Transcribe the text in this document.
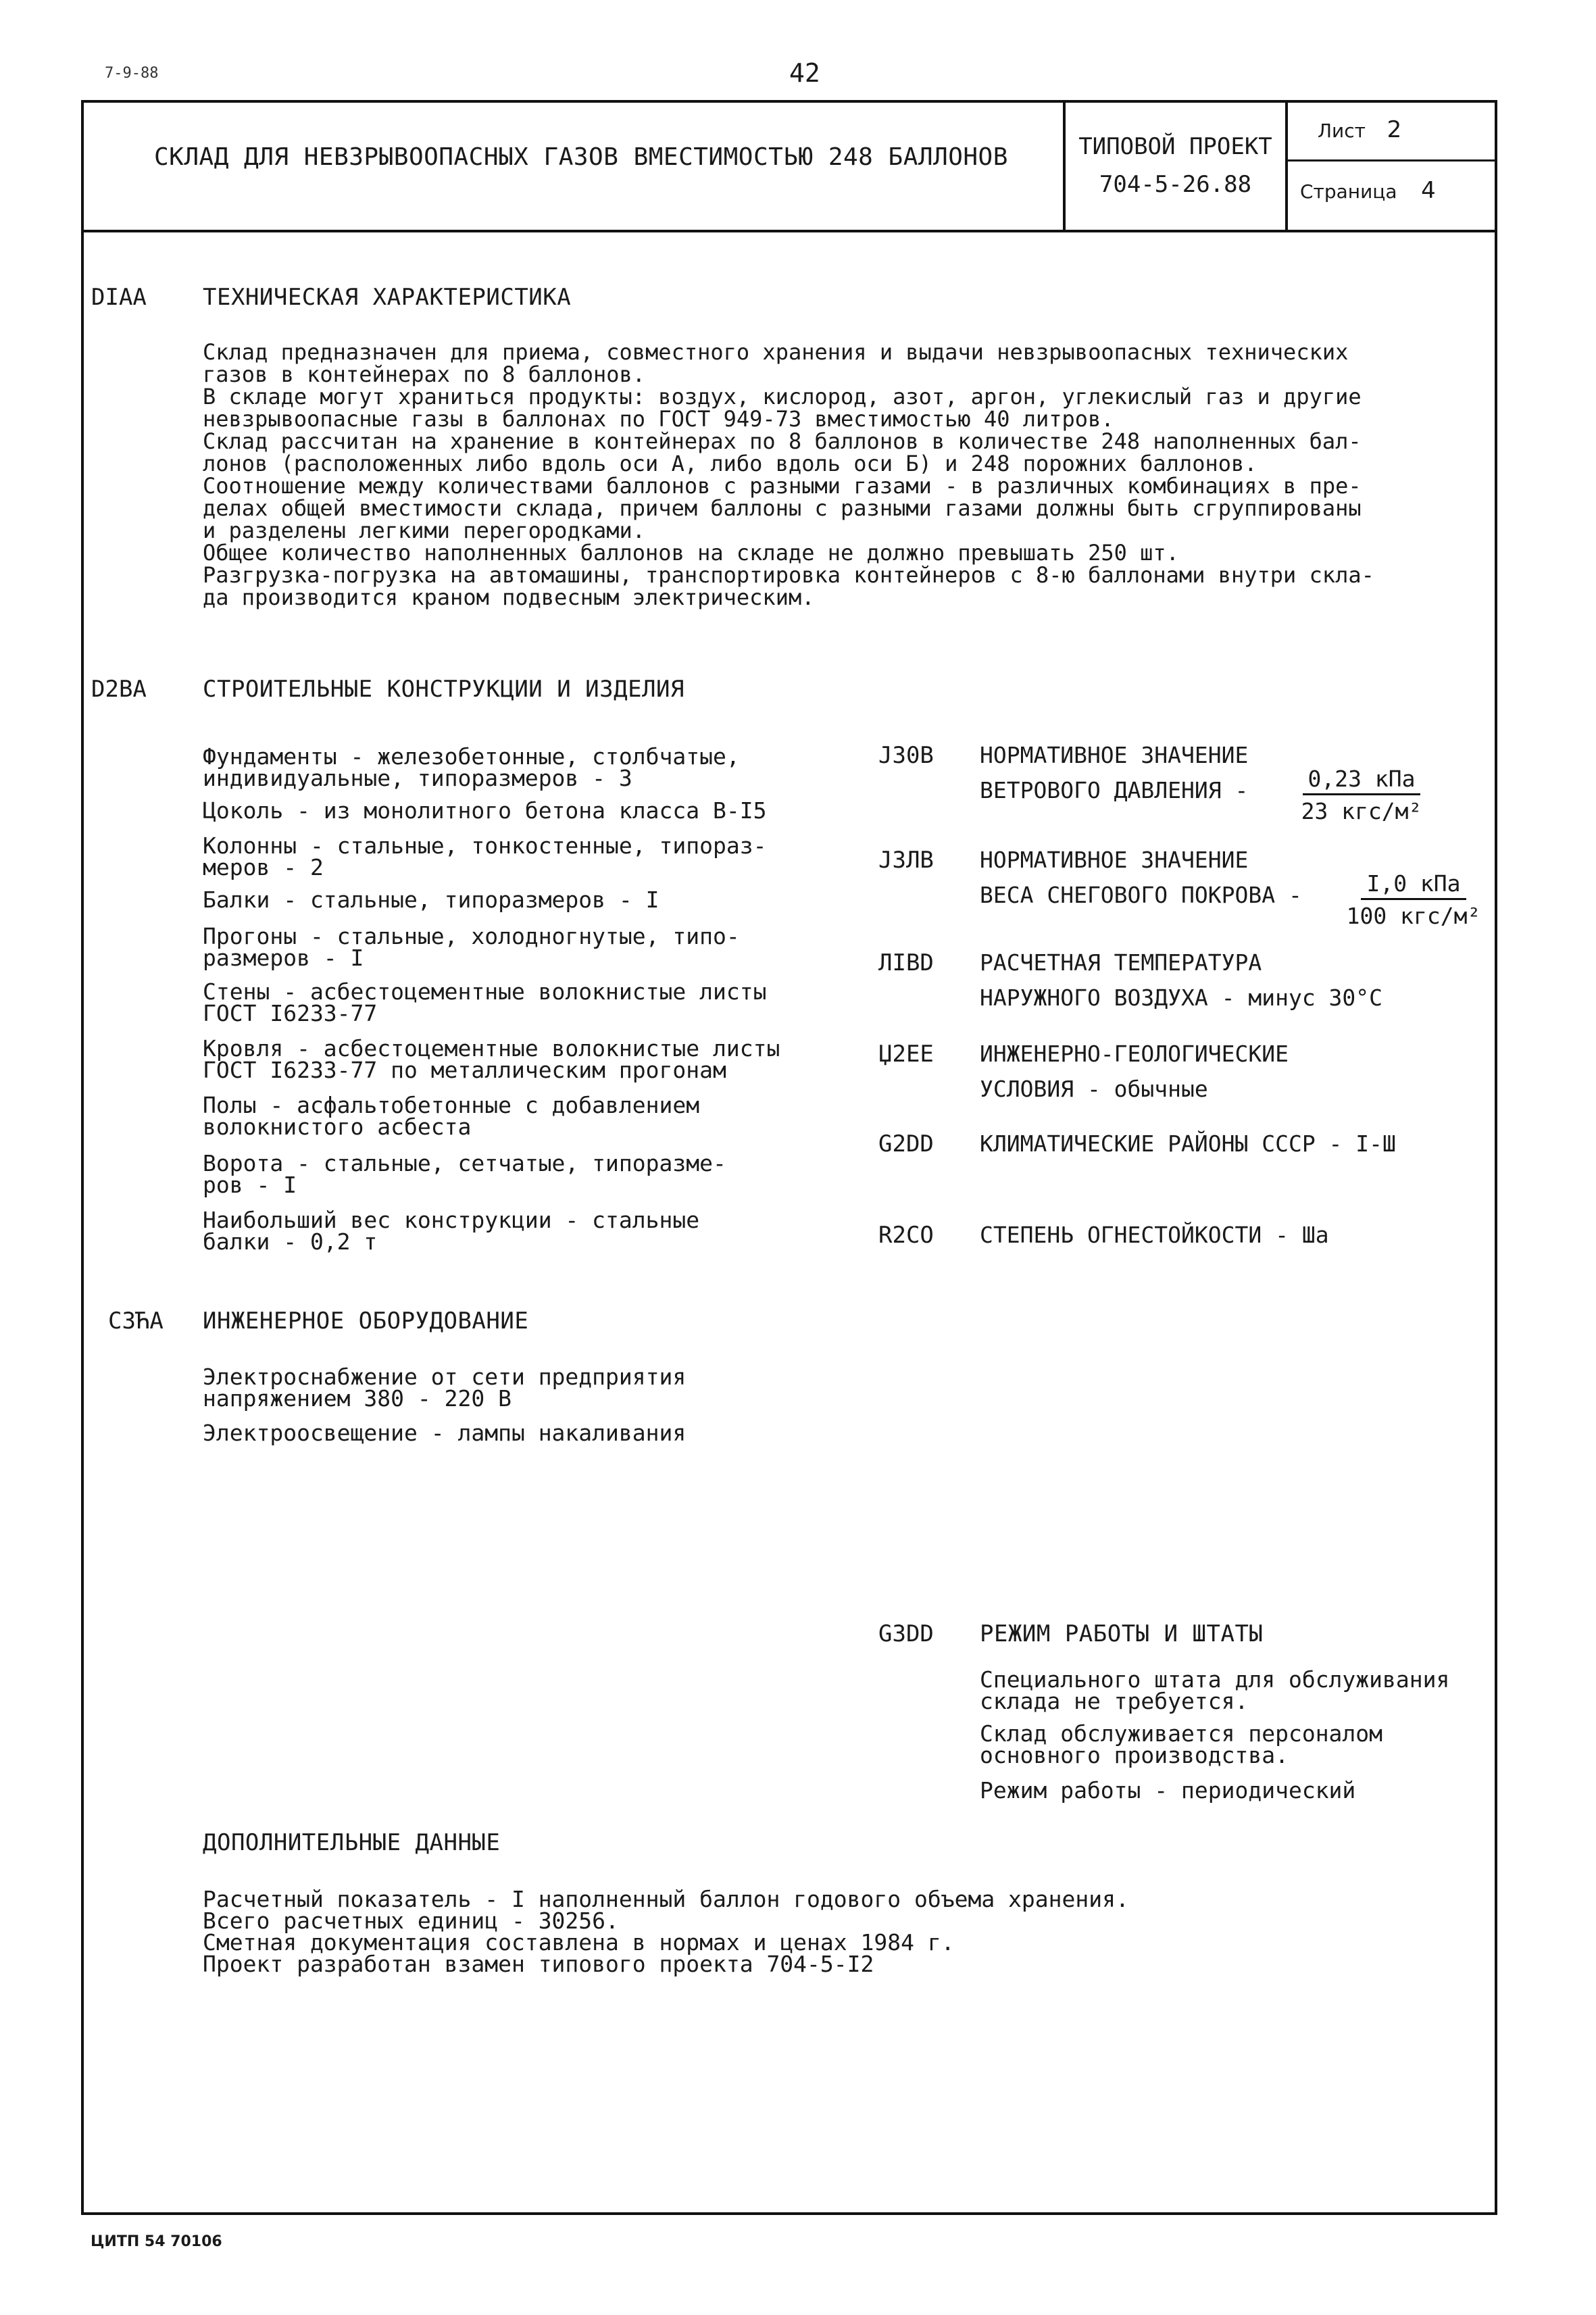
7-9-88	42
СКЛАД ДЛЯ НЕВЗРЫВООПАСНЫХ ГАЗОВ ВМЕСТИМОСТЬЮ 248 БАЛЛОНОВ	ТИПОВОЙ ПРОЕКТ
704-5-26.88
Лист 2
Страница 4
DIAA ТЕХНИЧЕСКАЯ ХАРАКТЕРИСТИКА
Склад предназначен для приема, совместного хранения и выдачи невзрывоопасных технических
газов в контейнерах по 8 баллонов.
В складе могут храниться продукты: воздух, кислород, азот, аргон, углекислый газ и другие
невзрывоопасные газы в баллонах по ГОСТ 949-73 вместимостью 40 литров.
Склад рассчитан на хранение в контейнерах по 8 баллонов в количестве 248 наполненных бал-
лонов (расположенных либо вдоль оси А, либо вдоль оси Б) и 248 порожних баллонов.
Соотношение между количествами баллонов с разными газами - в различных комбинациях в пре-
делах общей вместимости склада, причем баллоны с разными газами должны быть сгруппированы
и разделены легкими перегородками.
Общее количество наполненных баллонов на складе не должно превышать 250 шт.
Разгрузка-погрузка на автомашины, транспортировка контейнеров с 8-ю баллонами внутри скла-
да производится краном подвесным электрическим.
D2BA СТРОИТЕЛЬНЫЕ КОНСТРУКЦИИ И ИЗДЕЛИЯ
Фундаменты - железобетонные, столбчатые,
индивидуальные, типоразмеров - 3
Цоколь - из монолитного бетона класса В-I5
Колонны - стальные, тонкостенные, типораз-
меров - 2
Балки - стальные, типоразмеров - I
Прогоны - стальные, холодногнутые, типо-
размеров - I
Стены - асбестоцементные волокнистые листы
ГОСТ I6233-77
Кровля - асбестоцементные волокнистые листы
ГОСТ I6233-77 по металлическим прогонам
Полы - асфальтобетонные с добавлением
волокнистого асбеста
Ворота - стальные, сетчатые, типоразме-
ров - I
Наибольший вес конструкции - стальные
балки - 0,2 т
J30B НОРМАТИВНОЕ ЗНАЧЕНИЕ
ВЕТРОВОГО ДАВЛЕНИЯ -	0,23 кПа
23 кгс/м²
J3ЛB НОРМАТИВНОЕ ЗНАЧЕНИЕ
ВЕСА СНЕГОВОГО ПОКРОВА -	I,0 кПа
100 кгс/м²
ЛIBD РАСЧЕТНАЯ ТЕМПЕРАТУРА
НАРУЖНОГО ВОЗДУХА - минус 30°С
Џ2EE ИНЖЕНЕРНО-ГЕОЛОГИЧЕСКИЕ
УСЛОВИЯ - обычные
G2DD КЛИМАТИЧЕСКИЕ РАЙОНЫ СССР - I-Ш
R2CO СТЕПЕНЬ ОГНЕСТОЙКОСТИ - Шa
C3ЋA ИНЖЕНЕРНОЕ ОБОРУДОВАНИЕ
Электроснабжение от сети предприятия
напряжением 380 - 220 В
Электроосвещение - лампы накаливания
G3DD РЕЖИМ РАБОТЫ И ШТАТЫ
Специального штата для обслуживания
склада не требуется.
Склад обслуживается персоналом
основного производства.
Режим работы - периодический
ДОПОЛНИТЕЛЬНЫЕ ДАННЫЕ
Расчетный показатель - I наполненный баллон годового объема хранения.
Всего расчетных единиц - 30256.
Сметная документация составлена в нормах и ценах 1984 г.
Проект разработан взамен типового проекта 704-5-I2
ЦИТП 54 70106
